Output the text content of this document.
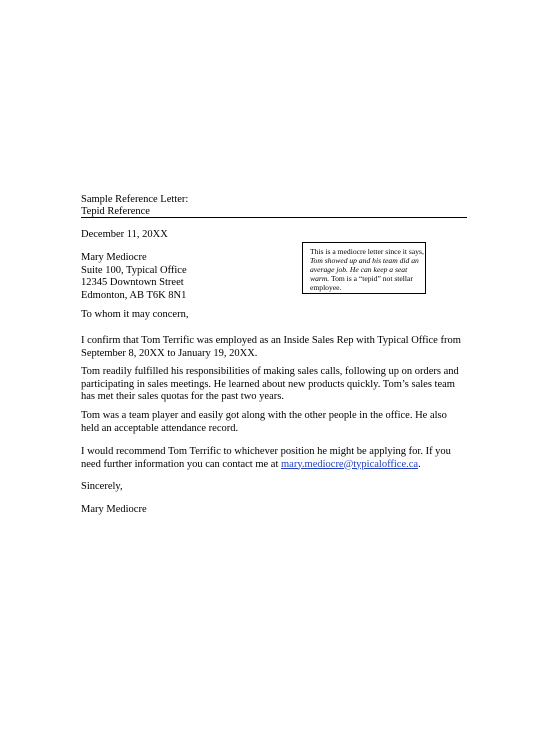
Sample Reference Letter:
Tepid Reference
December 11, 20XX
Mary Mediocre
Suite 100, Typical Office
12345 Downtown Street
Edmonton, AB T6K 8N1
This is a mediocre letter since it says, Tom showed up and his team did an average job. He can keep a seat warm. Tom is a “tepid” not stellar employee.
To whom it may concern,
I confirm that Tom Terrific was employed as an Inside Sales Rep with Typical Office from September 8, 20XX to January 19, 20XX.
Tom readily fulfilled his responsibilities of making sales calls, following up on orders and participating in sales meetings. He learned about new products quickly. Tom’s sales team has met their sales quotas for the past two years.
Tom was a team player and easily got along with the other people in the office. He also held an acceptable attendance record.
I would recommend Tom Terrific to whichever position he might be applying for. If you need further information you can contact me at mary.mediocre@typicaloffice.ca.
Sincerely,
Mary Mediocre
